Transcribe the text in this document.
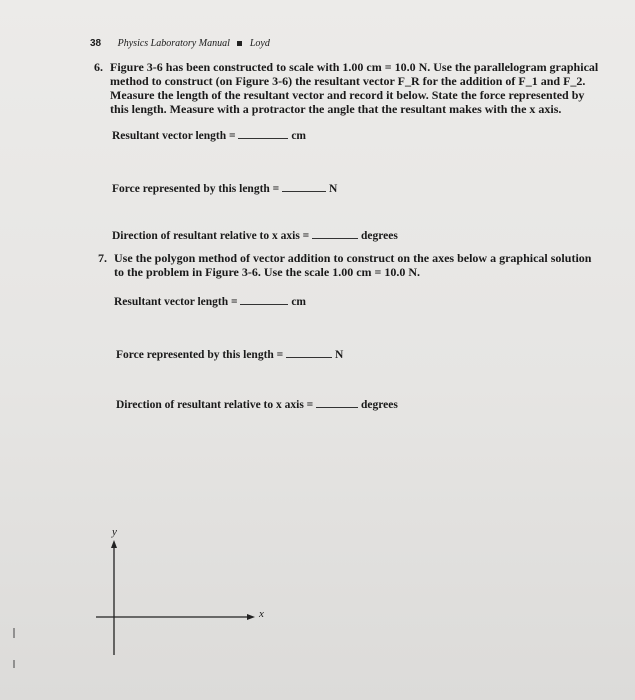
38 Physics Laboratory Manual Loyd
6. Figure 3-6 has been constructed to scale with 1.00 cm = 10.0 N. Use the parallelogram graphical method to construct (on Figure 3-6) the resultant vector F_R for the addition of F_1 and F_2. Measure the length of the resultant vector and record it below. State the force represented by this length. Measure with a protractor the angle that the resultant makes with the x axis.
Resultant vector length =	cm
Force represented by this length =	N
Direction of resultant relative to x axis =	degrees
7. Use the polygon method of vector addition to construct on the axes below a graphical solution to the problem in Figure 3-6. Use the scale 1.00 cm = 10.0 N.
Resultant vector length =	cm
Force represented by this length =	N
Direction of resultant relative to x axis =	degrees
y
x
